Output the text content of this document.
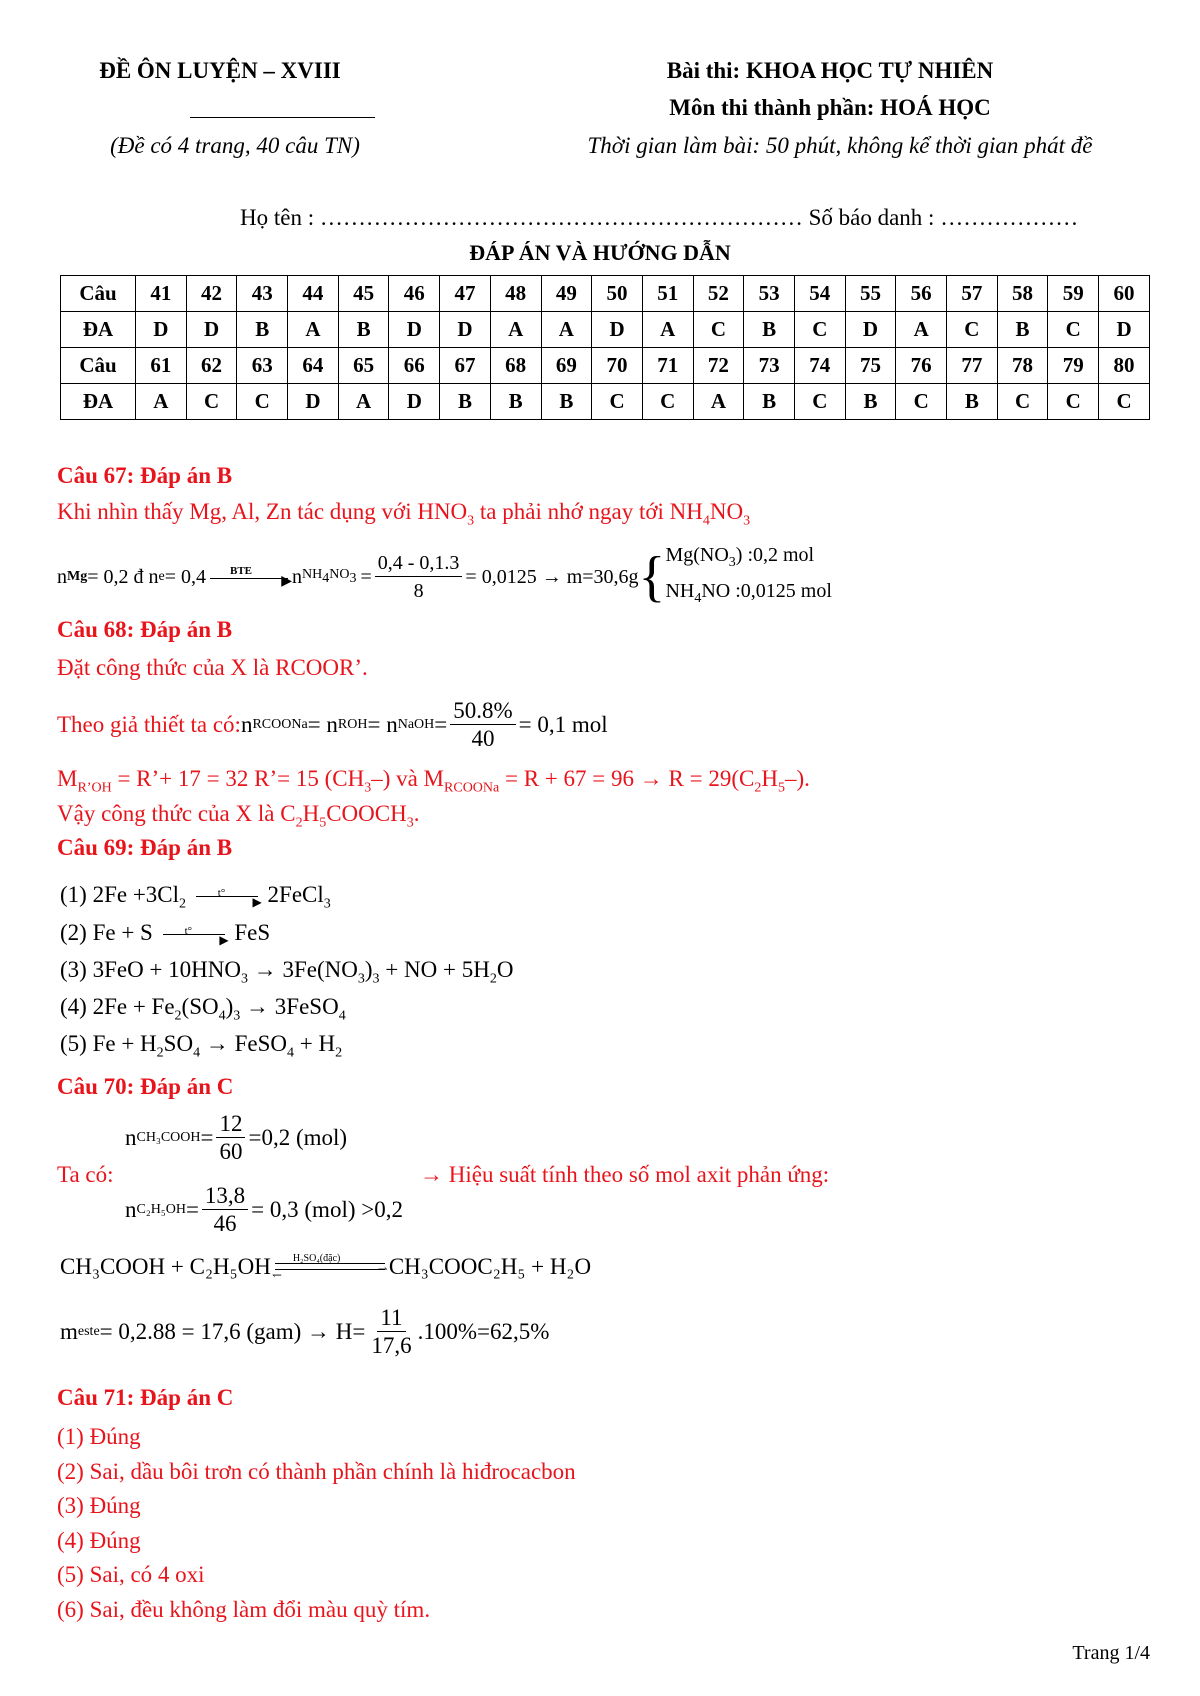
ĐỀ ÔN LUYỆN – XVIII
(Đề có 4 trang, 40 câu TN)
Bài thi: KHOA HỌC TỰ NHIÊN
Môn thi thành phần: HOÁ HỌC
Thời gian làm bài: 50 phút, không kể thời gian phát đề
Họ tên : ……………………………………………………… Số báo danh : ………………
ĐÁP ÁN VÀ HƯỚNG DẪN
Câu	41	42	43	44	45	46	47	48	49	50	51	52	53	54	55	56	57	58	59	60
ĐA	D	D	B	A	B	D	D	A	A	D	A	C	B	C	D	A	C	B	C	D
Câu	61	62	63	64	65	66	67	68	69	70	71	72	73	74	75	76	77	78	79	80
ĐA	A	C	C	D	A	D	B	B	B	C	C	A	B	C	B	C	B	C	C	C
Câu 67: Đáp án B
Khi nhìn thấy Mg, Al, Zn tác dụng với $HNO_3$ ta phải nhớ ngay tới $NH_4NO_3$
n Mg = 0,2 đ n e = 0,4 BTE
▶ n $NH_4NO_3 = \frac{0,4 - 0,1.3}{8} = 0,0125 \to m=30,6g$ { $Mg(NO_3)$ :0,2 mol
$NH_4NO$ :0,0125 mol
Câu 68: Đáp án B
Đặt công thức của X là RCOOR’.
Theo giả thiết ta có: n RCOONa = n ROH = n NaOH = $\frac{50.8\%}{40} = 0,1$ mol
$M_{R’OH}$ = R’+ 17 = 32 R’= 15 $(CH_3-)$ và $M_{RCOONa} = R + 67 = 96 \to R = 29(C_2H_5-)$.
Vậy công thức của X là $C_2H_5COOCH_3$.
Câu 69: Đáp án B
(1) $2Fe +3Cl_2$
t°
▶ 2FeCl$_3$
(2) Fe + S	t°
▶ FeS
(3) $3FeO + 10HNO_3 \to 3Fe(NO_3)_3$ + NO + $5H_2O$
(4) $2Fe + Fe_2(SO_4)_3$ → 3FeSO$_4$
(5) $Fe + H_2SO_4$ → FeSO$_4$ + $H_2$
Câu 70: Đáp án C
n CH₃COOH = $\frac{12}{60} =0,2$ (mol)
Ta có:	→ Hiệu suất tính theo số mol axit phản ứng:
n $C_2H_5OH = \frac{13,8}{46} = 0,3$ (mol) >0,2
CH₃COOH + C₂H₅OH H₂SO₄(đặc)
⇀
↽	CH₃COOC₂H₅ + H₂O
m este = 0,2.88 = 17,6 $(gam) \to H= \frac{11}{17,6} .100\%=62,5\%$
Câu 71: Đáp án C
(1) Đúng
(2) Sai, dầu bôi trơn có thành phần chính là hiđrocacbon
(3) Đúng
(4) Đúng
(5) Sai, có 4 oxi
(6) Sai, đều không làm đổi màu quỳ tím.
Trang 1/4
